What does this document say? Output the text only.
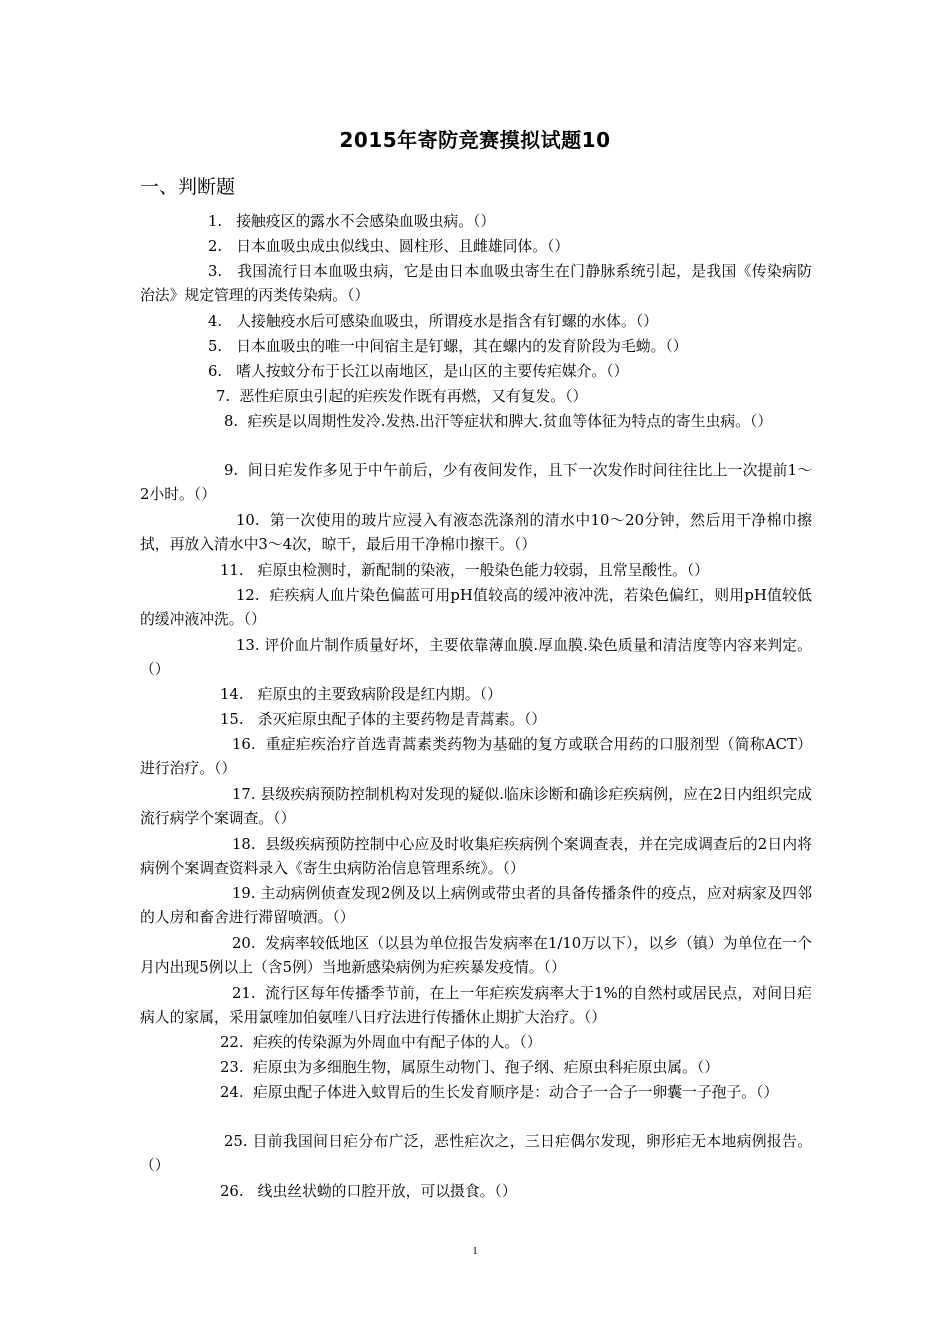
2015年寄防竞赛摸拟试题10
一、判断题
1. 接触疫区的露水不会感染血吸虫病。（）
2. 日本血吸虫成虫似线虫、圆柱形、且雌雄同体。（）
3. 我国流行日本血吸虫病，它是由日本血吸虫寄生在门静脉系统引起，是我国《传染病防治法》规定管理的丙类传染病。（）
4. 人接触疫水后可感染血吸虫，所谓疫水是指含有钉螺的水体。（）
5. 日本血吸虫的唯一中间宿主是钉螺，其在螺内的发育阶段为毛蚴。（）
6. 嗜人按蚊分布于长江以南地区，是山区的主要传疟媒介。（）
7. 恶性疟原虫引起的疟疾发作既有再燃，又有复发。（）
8. 疟疾是以周期性发冷.发热.出汗等症状和脾大.贫血等体征为特点的寄生虫病。（）
9. 间日疟发作多见于中午前后，少有夜间发作，且下一次发作时间往往比上一次提前1～2小时。（）
10. 第一次使用的玻片应浸入有液态洗涤剂的清水中10～20分钟，然后用干净棉巾擦拭，再放入清水中3～4次，晾干，最后用干净棉巾擦干。（）
11. 疟原虫检测时，新配制的染液，一般染色能力较弱，且常呈酸性。（）
12. 疟疾病人血片染色偏蓝可用pH值较高的缓冲液冲洗，若染色偏红，则用pH值较低的缓冲液冲洗。（）
13. 评价血片制作质量好坏，主要依靠薄血膜.厚血膜.染色质量和清洁度等内容来判定。（）
14. 疟原虫的主要致病阶段是红内期。（）
15. 杀灭疟原虫配子体的主要药物是青蒿素。（）
16. 重症疟疾治疗首选青蒿素类药物为基础的复方或联合用药的口服剂型（简称ACT）进行治疗。（）
17. 县级疾病预防控制机构对发现的疑似.临床诊断和确诊疟疾病例，应在2日内组织完成流行病学个案调查。（）
18. 县级疾病预防控制中心应及时收集疟疾病例个案调查表，并在完成调查后的2日内将病例个案调查资料录入《寄生虫病防治信息管理系统》。（）
19. 主动病例侦查发现2例及以上病例或带虫者的具备传播条件的疫点，应对病家及四邻的人房和畜舍进行滞留喷洒。（）
20. 发病率较低地区（以县为单位报告发病率在1/10万以下），以乡（镇）为单位在一个月内出现5例以上（含5例）当地新感染病例为疟疾暴发疫情。（）
21. 流行区每年传播季节前，在上一年疟疾发病率大于1%的自然村或居民点，对间日疟病人的家属，采用氯喹加伯氨喹八日疗法进行传播休止期扩大治疗。（）
22. 疟疾的传染源为外周血中有配子体的人。（）
23. 疟原虫为多细胞生物，属原生动物门、孢子纲、疟原虫科疟原虫属。（）
24. 疟原虫配子体进入蚊胃后的生长发育顺序是：动合子一合子一卵囊一子孢子。（）
25. 目前我国间日疟分布广泛，恶性疟次之，三日疟偶尔发现，卵形疟无本地病例报告。（）
26. 线虫丝状蚴的口腔开放，可以摄食。（）
1
